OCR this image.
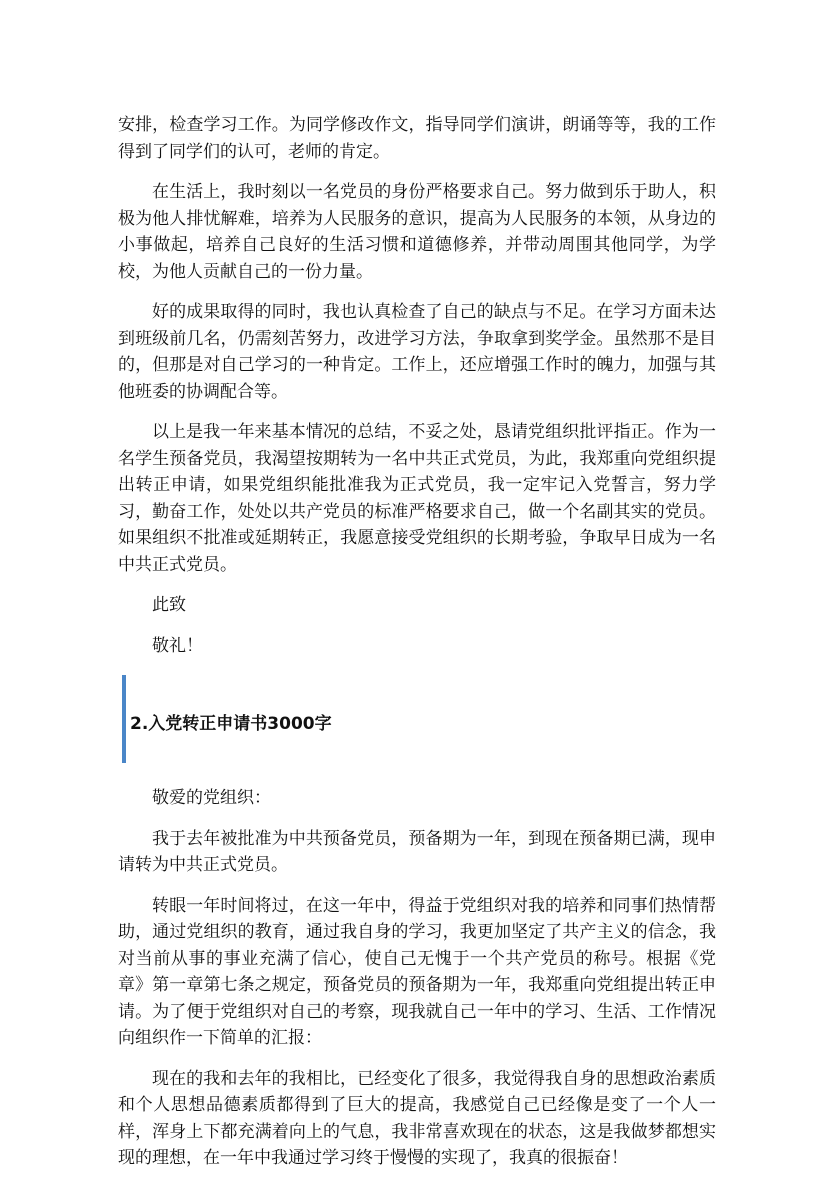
安排，检查学习工作。为同学修改作文，指导同学们演讲，朗诵等等，我的工作得到了同学们的认可，老师的肯定。

在生活上，我时刻以一名党员的身份严格要求自己。努力做到乐于助人，积极为他人排忧解难，培养为人民服务的意识，提高为人民服务的本领，从身边的小事做起，培养自己良好的生活习惯和道德修养，并带动周围其他同学，为学校，为他人贡献自己的一份力量。

好的成果取得的同时，我也认真检查了自己的缺点与不足。在学习方面未达到班级前几名，仍需刻苦努力，改进学习方法，争取拿到奖学金。虽然那不是目的，但那是对自己学习的一种肯定。工作上，还应增强工作时的魄力，加强与其他班委的协调配合等。

以上是我一年来基本情况的总结，不妥之处，恳请党组织批评指正。作为一名学生预备党员，我渴望按期转为一名中共正式党员，为此，我郑重向党组织提出转正申请，如果党组织能批准我为正式党员，我一定牢记入党誓言，努力学习，勤奋工作，处处以共产党员的标准严格要求自己，做一个名副其实的党员。如果组织不批准或延期转正，我愿意接受党组织的长期考验，争取早日成为一名中共正式党员。

此致

敬礼！

2.入党转正申请书3000字

敬爱的党组织：

我于去年被批准为中共预备党员，预备期为一年，到现在预备期已满，现申请转为中共正式党员。

转眼一年时间将过，在这一年中，得益于党组织对我的培养和同事们热情帮助，通过党组织的教育，通过我自身的学习，我更加坚定了共产主义的信念，我对当前从事的事业充满了信心，使自己无愧于一个共产党员的称号。根据《党章》第一章第七条之规定，预备党员的预备期为一年，我郑重向党组提出转正申请。为了便于党组织对自己的考察，现我就自己一年中的学习、生活、工作情况向组织作一下简单的汇报：

现在的我和去年的我相比，已经变化了很多，我觉得我自身的思想政治素质和个人思想品德素质都得到了巨大的提高，我感觉自己已经像是变了一个人一样，浑身上下都充满着向上的气息，我非常喜欢现在的状态，这是我做梦都想实现的理想，在一年中我通过学习终于慢慢的实现了，我真的很振奋！
